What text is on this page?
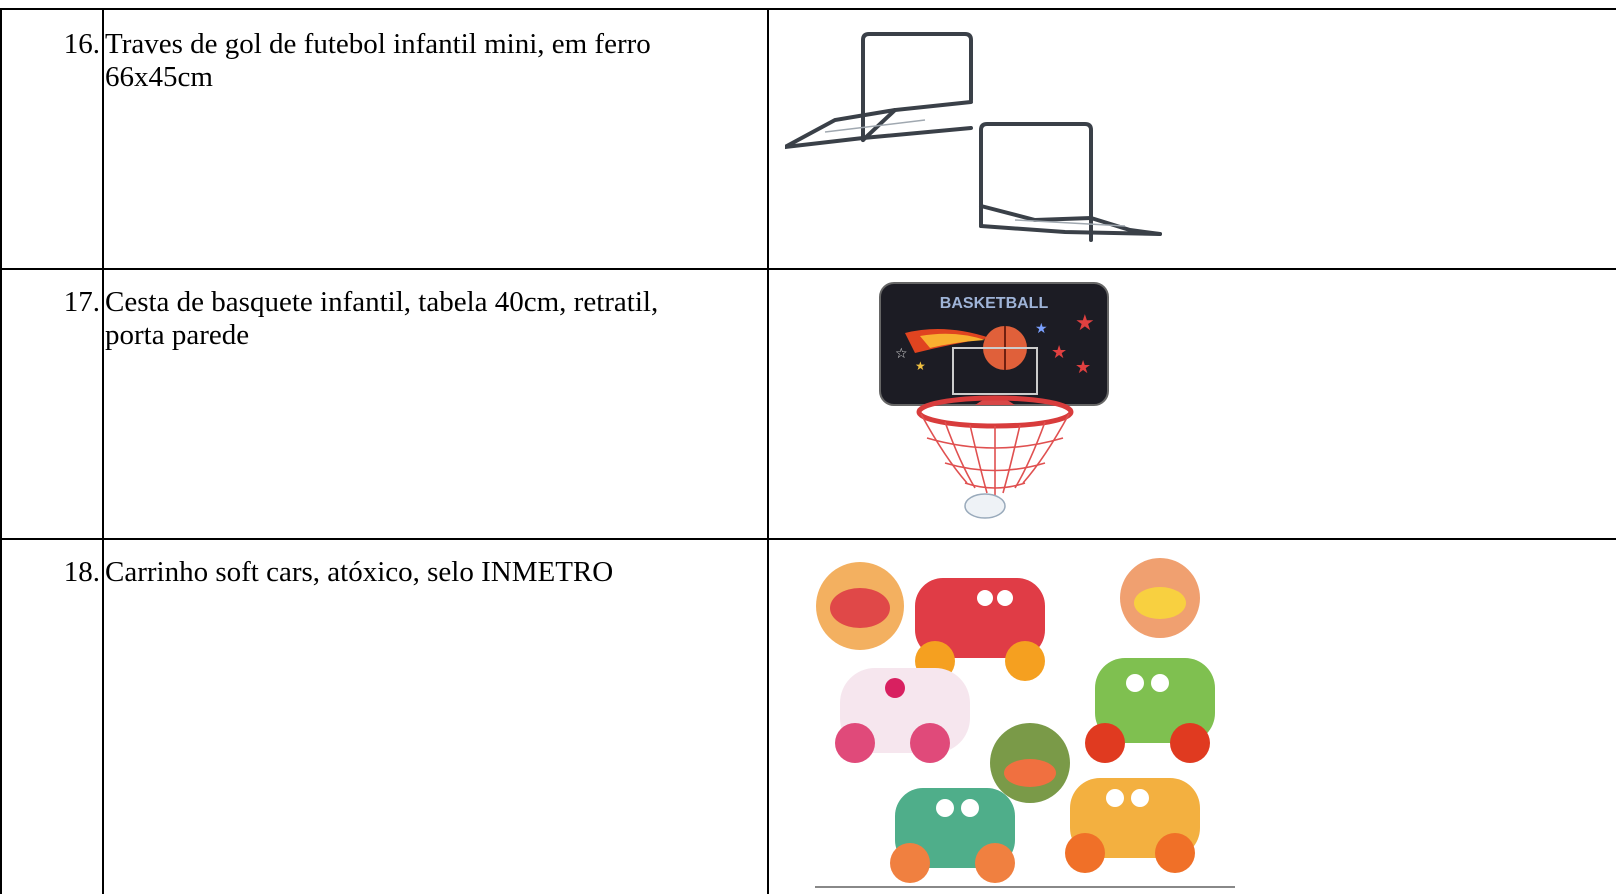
16. Traves de gol de futebol infantil mini, em ferro 66x45cm
17. Cesta de basquete infantil, tabela 40cm, retratil, porta parede
BASKETBALL
★
★
★
★
☆
★
18. Carrinho soft cars, atóxico, selo INMETRO
